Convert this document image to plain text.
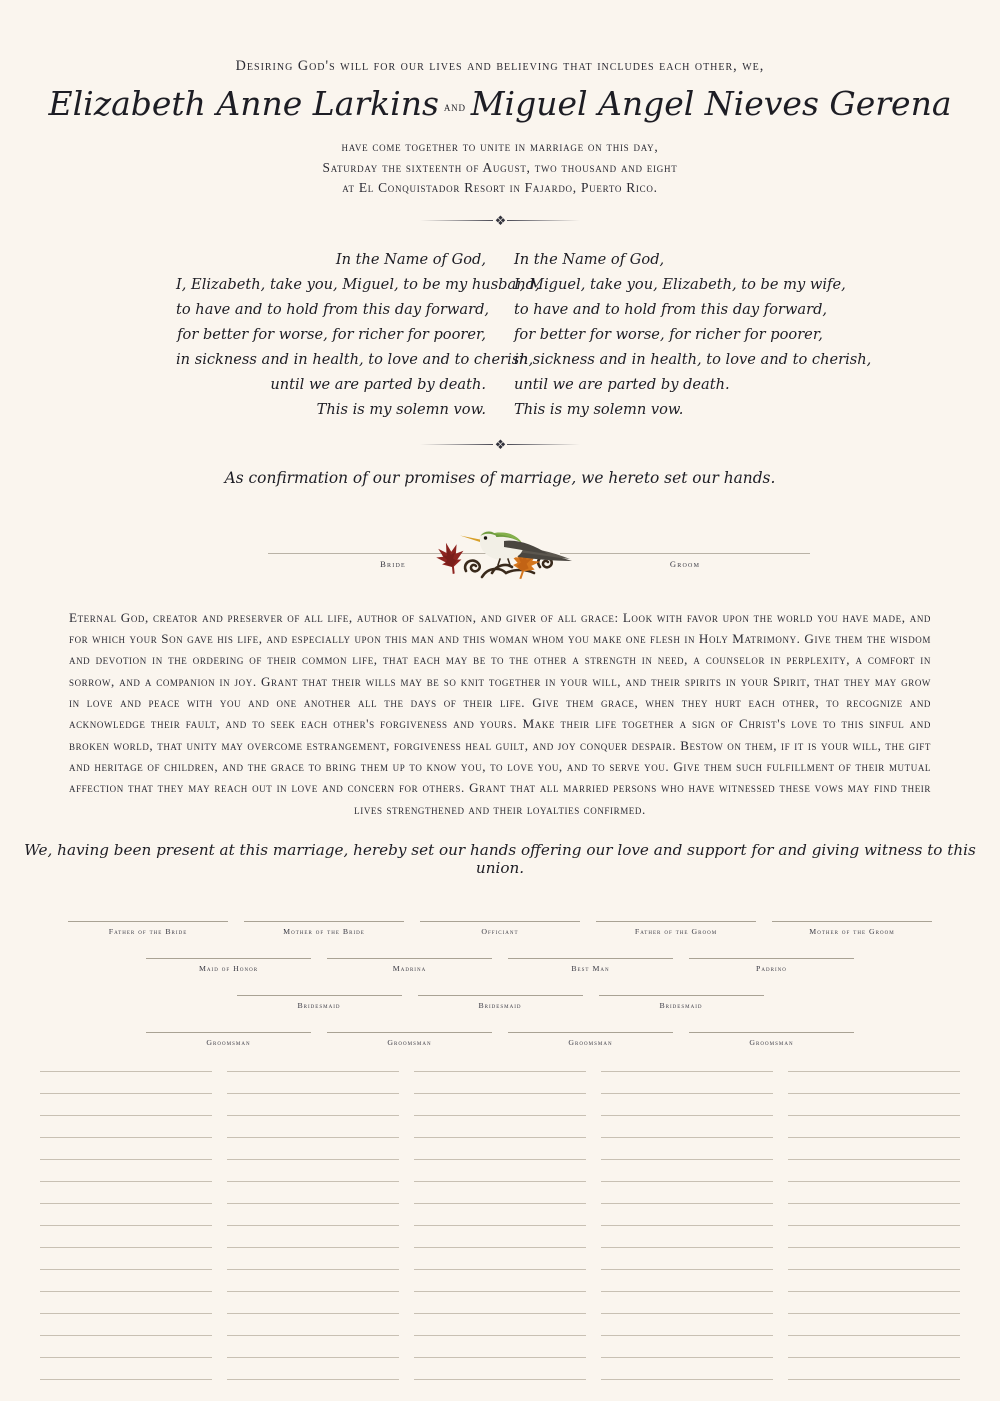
Desiring God's will for our lives and believing that includes each other, we,
Elizabeth Anne Larkins and Miguel Angel Nieves Gerena
have come together to unite in marriage on this day,
Saturday the sixteenth of August, two thousand and eight
at El Conquistador Resort in Fajardo, Puerto Rico.
❖
In the Name of God,
I, Elizabeth, take you, Miguel, to be my husband,
to have and to hold from this day forward,
for better for worse, for richer for poorer,
in sickness and in health, to love and to cherish,
until we are parted by death.
This is my solemn vow.
In the Name of God,
I, Miguel, take you, Elizabeth, to be my wife,
to have and to hold from this day forward,
for better for worse, for richer for poorer,
in sickness and in health, to love and to cherish,
until we are parted by death.
This is my solemn vow.
❖
As confirmation of our promises of marriage, we hereto set our hands.
Bride	Groom
Eternal God, creator and preserver of all life, author of salvation, and giver of all grace: Look with favor upon the world you have made, and for which your Son gave his life, and especially upon this man and this woman whom you make one flesh in Holy Matrimony. Give them the wisdom and devotion in the ordering of their common life, that each may be to the other a strength in need, a counselor in perplexity, a comfort in sorrow, and a companion in joy. Grant that their wills may be so knit together in your will, and their spirits in your Spirit, that they may grow in love and peace with you and one another all the days of their life. Give them grace, when they hurt each other, to recognize and acknowledge their fault, and to seek each other's forgiveness and yours. Make their life together a sign of Christ's love to this sinful and broken world, that unity may overcome estrangement, forgiveness heal guilt, and joy conquer despair. Bestow on them, if it is your will, the gift and heritage of children, and the grace to bring them up to know you, to love you, and to serve you. Give them such fulfillment of their mutual affection that they may reach out in love and concern for others. Grant that all married persons who have witnessed these vows may find their lives strengthened and their loyalties confirmed.
We, having been present at this marriage, hereby set our hands offering our love and support for and giving witness to this union.
Father of the Bride	Mother of the Bride	Officiant	Father of the Groom	Mother of the Groom
Maid of Honor	Madrina	Best Man	Padrino
Bridesmaid	Bridesmaid	Bridesmaid
Groomsman	Groomsman	Groomsman	Groomsman
